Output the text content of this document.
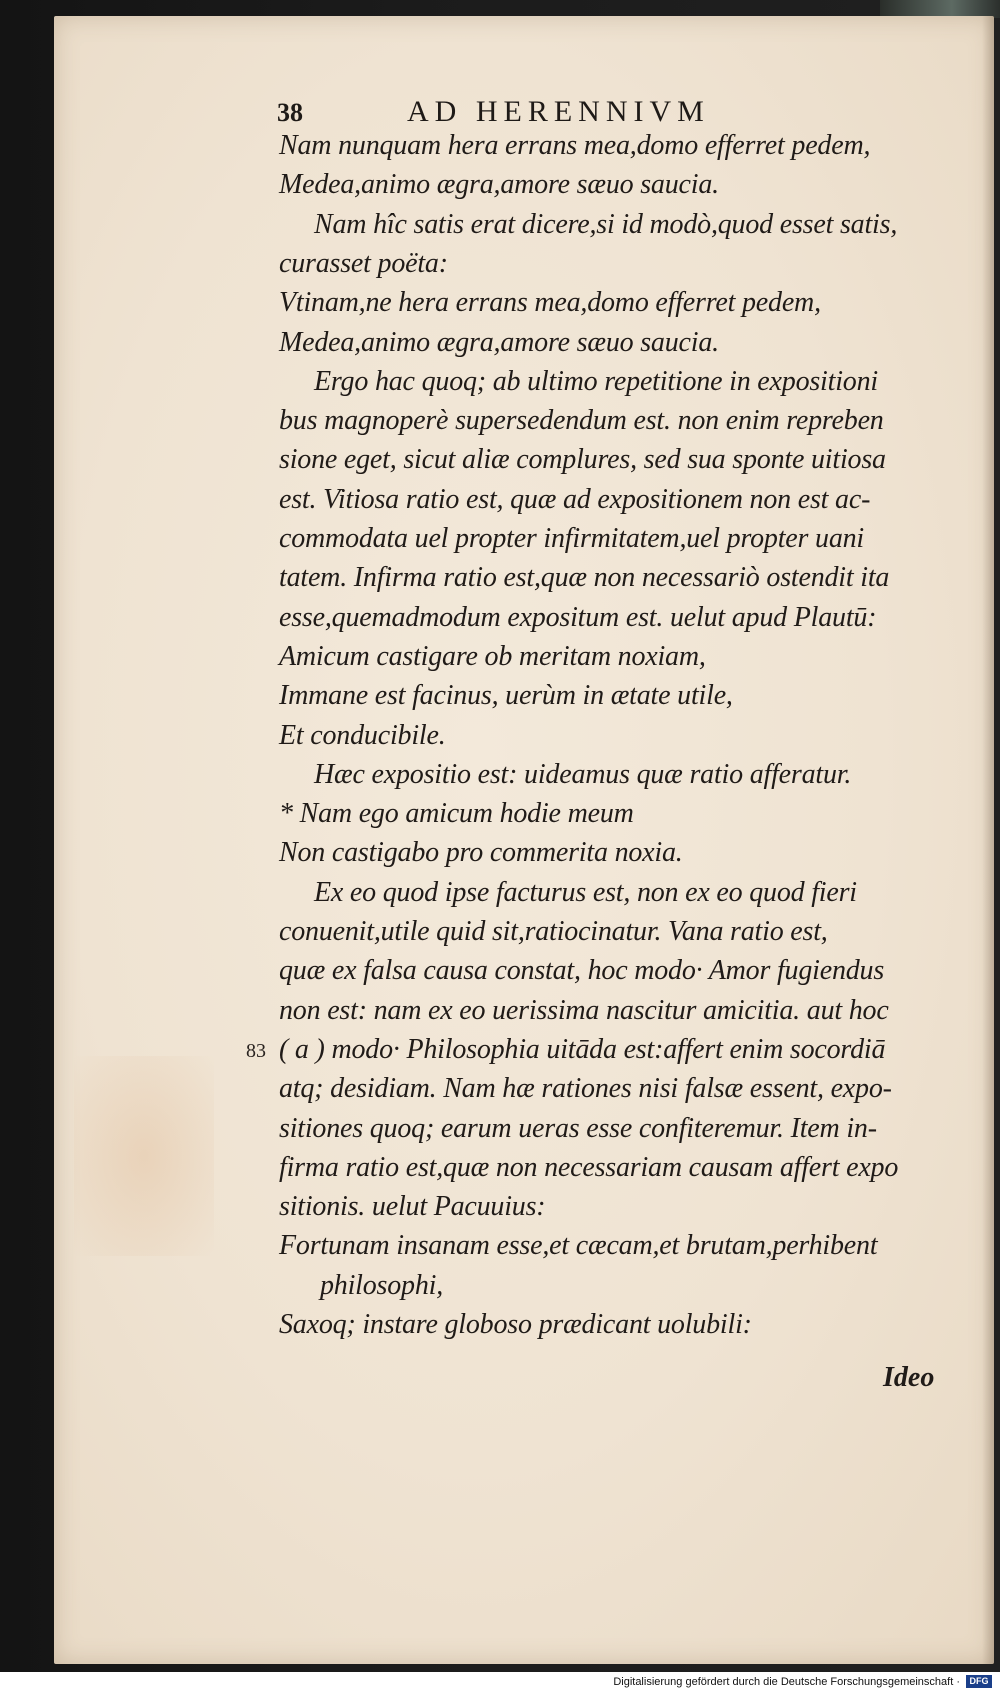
38	AD HERENNIVM
Nam nunquam hera errans mea,domo efferret pedem,
Medea,animo ægra,amore sæuo saucia.
Nam hîc satis erat dicere,si id modò,quod esset satis,
curasset poëta:
Vtinam,ne hera errans mea,domo efferret pedem,
Medea,animo ægra,amore sæuo saucia.
Ergo hac quoq; ab ultimo repetitione in expositioni
bus magnoperè supersedendum est. non enim repreben
sione eget, sicut aliæ complures, sed sua sponte uitiosa
est. Vitiosa ratio est, quæ ad expositionem non est ac-
commodata uel propter infirmitatem,uel propter uani
tatem. Infirma ratio est,quæ non necessariò ostendit ita
esse,quemadmodum expositum est. uelut apud Plautū:
Amicum castigare ob meritam noxiam,
Immane est facinus, uerùm in ætate utile,
Et conducibile.
Hæc expositio est: uideamus quæ ratio afferatur.
* Nam ego amicum hodie meum
Non castigabo pro commerita noxia.
Ex eo quod ipse facturus est, non ex eo quod fieri
conuenit,utile quid sit,ratiocinatur. Vana ratio est,
quæ ex falsa causa constat, hoc modo· Amor fugiendus
non est: nam ex eo uerissima nascitur amicitia. aut hoc
( a ) modo· Philosophia uitāda est:affert enim socordiā
atq; desidiam. Nam hæ rationes nisi falsæ essent, expo-
sitiones quoq; earum ueras esse confiteremur. Item in-
firma ratio est,quæ non necessariam causam affert expo
sitionis. uelut Pacuuius:
Fortunam insanam esse,et cæcam,et brutam,perhibent
philosophi,
Saxoq; instare globoso prædicant uolubili:
83
Ideo
Digitalisierung gefördert durch die Deutsche Forschungsgemeinschaft ·	DFG
